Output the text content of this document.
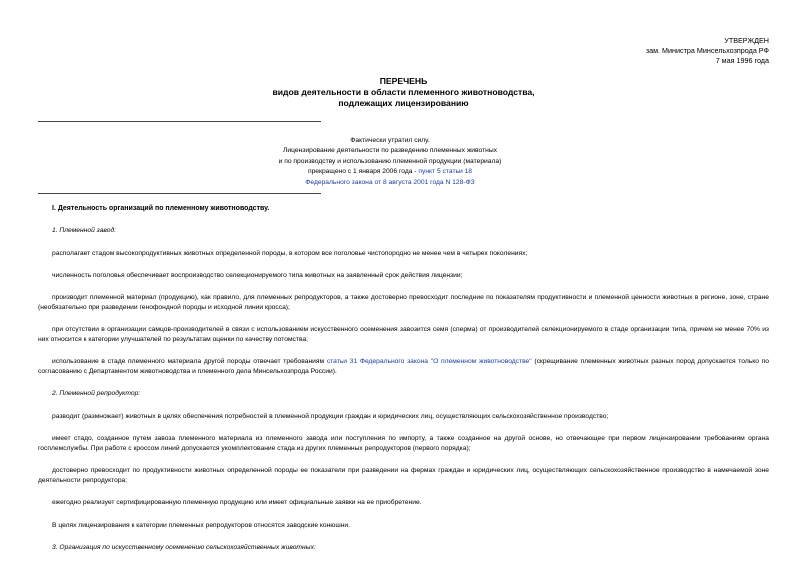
УТВЕРЖДЕН
зам. Министра Минсельхозпрода РФ
7 мая 1996 года
ПЕРЕЧЕНЬ
видов деятельности в области племенного животноводства,
подлежащих лицензированию
Фактически утратил силу.
Лицензирование деятельности по разведению племенных животных
и по производству и использованию племенной продукции (материала)
прекращено с 1 января 2006 года - пункт 5 статьи 18
Федерального закона от 8 августа 2001 года N 128-ФЗ

I. Деятельность организаций по племенному животноводству.

1. Племенной завод:

располагает стадом высокопродуктивных животных определенной породы, в котором все поголовье чистопородно не менее чем в четырех поколениях;

численность поголовья обеспечивает воспроизводство селекционируемого типа животных на заявленный срок действия лицензии;

производит племенной материал (продукцию), как правило, для племенных репродукторов, а также достоверно превосходит последние по показателям продуктивности и племенной ценности животных в регионе, зоне, стране (необязательно при разведении генофондной породы и исходной линии кросса);

при отсутствии в организации самцов-производителей в связи с использованием искусственного осеменения завозится семя (сперма) от производителей селекционируемого в стаде организации типа, причем не менее 70% из них относится к категории улучшателей по результатам оценки по качеству потомства;

использование в стаде племенного материала другой породы отвечает требованиям статьи 31 Федерального закона "О племенном животноводстве" (скрещивание племенных животных разных пород допускается только по согласованию с Департаментом животноводства и племенного дела Минсельхозпрода России).

2. Племенной репродуктор:

разводит (размножает) животных в целях обеспечения потребностей в племенной продукции граждан и юридических лиц, осуществляющих сельскохозяйственное производство;

имеет стадо, созданное путем завоза племенного материала из племенного завода или поступления по импорту, а также созданное на другой основе, но отвечающее при первом лицензировании требованиям органа госплемслужбы. При работе с кроссом линий допускается укомплектование стада из других племенных репродукторов (первого порядка);

достоверно превосходит по продуктивности животных определенной породы ее показатели при разведении на фермах граждан и юридических лиц, осуществляющих сельскохозяйственное производство в намечаемой зоне деятельности репродуктора;

ежегодно реализует сертифицированную племенную продукцию или имеет официальные заявки на ее приобретение.

В целях лицензирования к категории племенных репродукторов относятся заводские конюшни.

3. Организация по искусственному осеменению сельскохозяйственных животных:
